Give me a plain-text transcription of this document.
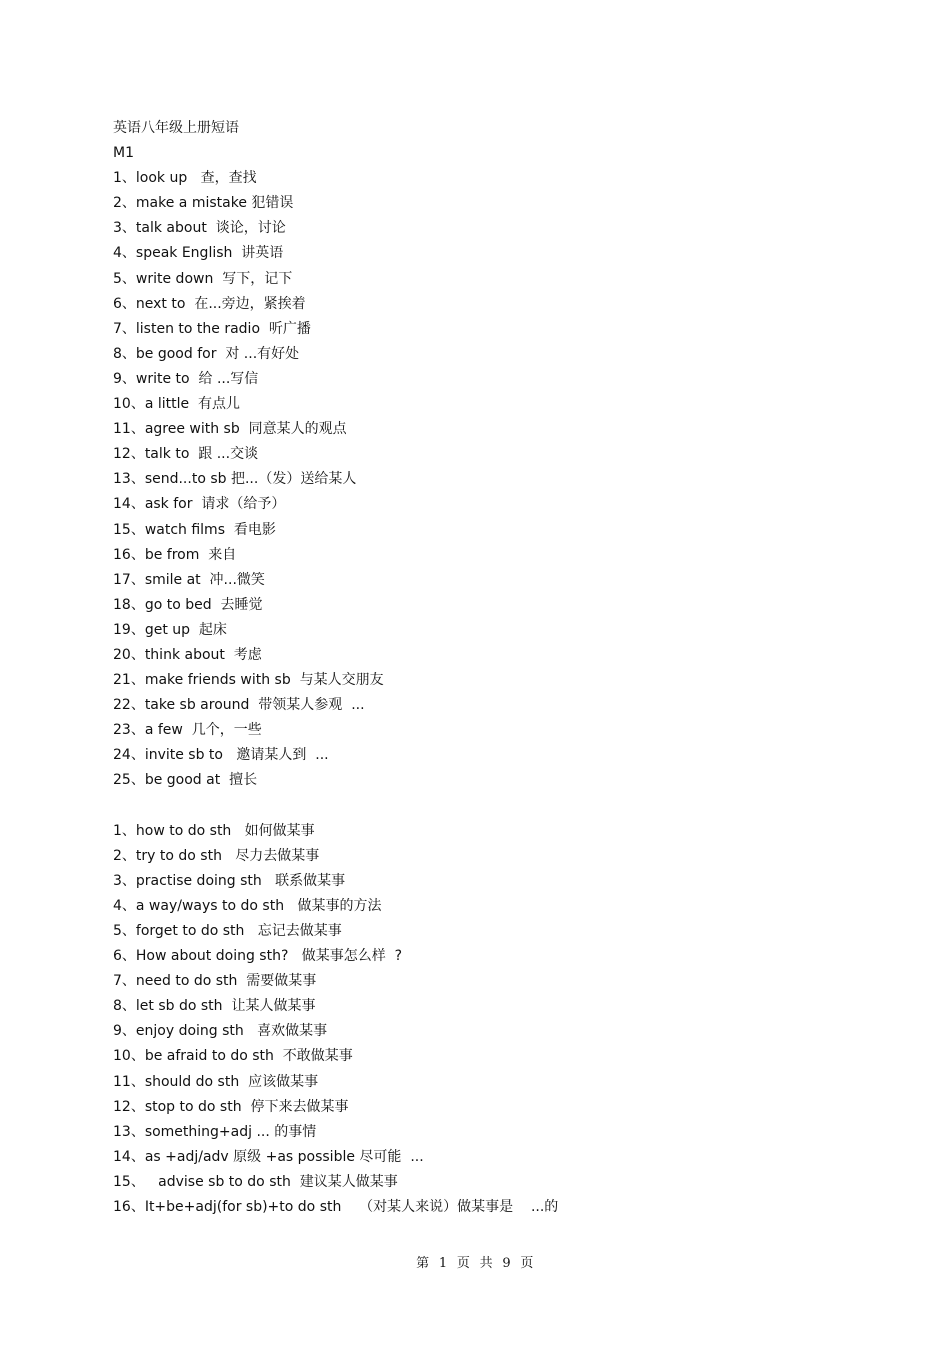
英语八年级上册短语
M1
1、look up   查，查找
2、make a mistake 犯错误
3、talk about  谈论，讨论
4、speak English  讲英语
5、write down  写下，记下
6、next to  在...旁边，紧挨着
7、listen to the radio  听广播
8、be good for  对 ...有好处
9、write to  给 ...写信
10、a little  有点儿
11、agree with sb  同意某人的观点
12、talk to  跟 ...交谈
13、send...to sb 把...（发）送给某人
14、ask for  请求（给予）
15、watch films  看电影
16、be from  来自
17、smile at  冲...微笑
18、go to bed  去睡觉
19、get up  起床
20、think about  考虑
21、make friends with sb  与某人交朋友
22、take sb around  带领某人参观  ...
23、a few  几个，一些
24、invite sb to   邀请某人到  ...
25、be good at  擅长
1、how to do sth   如何做某事
2、try to do sth   尽力去做某事
3、practise doing sth   联系做某事
4、a way/ways to do sth   做某事的方法
5、forget to do sth   忘记去做某事
6、How about doing sth?   做某事怎么样  ?
7、need to do sth  需要做某事
8、let sb do sth  让某人做某事
9、enjoy doing sth   喜欢做某事
10、be afraid to do sth  不敢做某事
11、should do sth  应该做某事
12、stop to do sth  停下来去做某事
13、something+adj ... 的事情
14、as +adj/adv 原级 +as possible 尽可能  ...
15、   advise sb to do sth  建议某人做某事
16、It+be+adj(for sb)+to do sth    （对某人来说）做某事是    ...的
第  1  页  共  9  页
